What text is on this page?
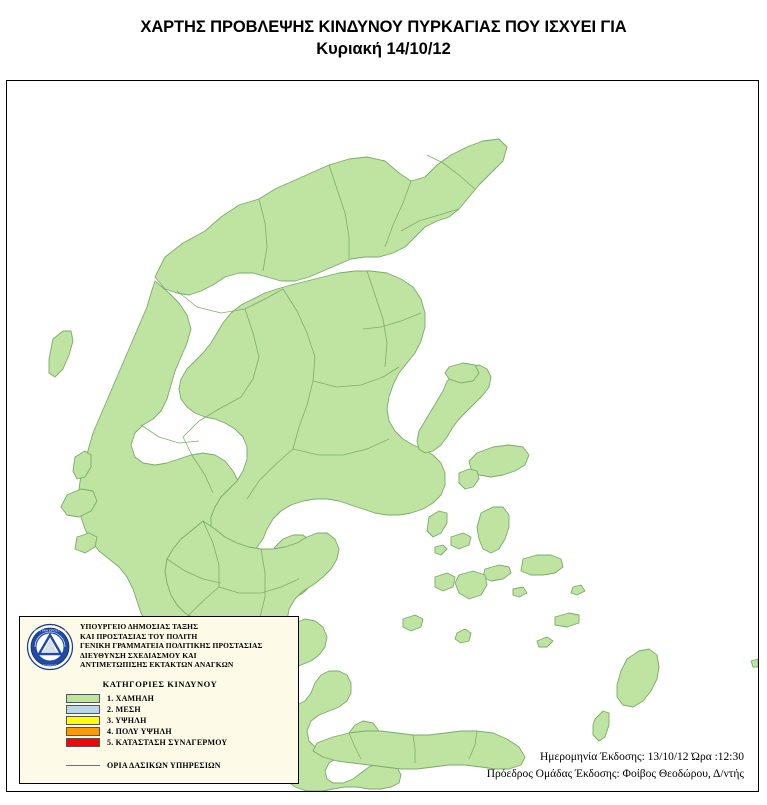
ΧΑΡΤΗΣ ΠΡΟΒΛΕΨΗΣ ΚΙΝΔΥΝΟΥ ΠΥΡΚΑΓΙΑΣ ΠΟΥ ΙΣΧΥΕΙ ΓΙΑ
Κυριακή 14/10/12
ΠΟΛΙΤΙΚΗ ΠΡΟΣΤΑΣΙΑ
ΕΛΛΑΔΑΣ
ΥΠΟΥΡΓΕΙΟ ΔΗΜΟΣΙΑΣ ΤΑΞΗΣ
ΚΑΙ ΠΡΟΣΤΑΣΙΑΣ ΤΟΥ ΠΟΛΙΤΗ
ΓΕΝΙΚΗ ΓΡΑΜΜΑΤΕΙΑ ΠΟΛΙΤΙΚΗΣ ΠΡΟΣΤΑΣΙΑΣ
ΔΙΕΥΘΥΝΣΗ ΣΧΕΔΙΑΣΜΟΥ ΚΑΙ
ΑΝΤΙΜΕΤΩΠΙΣΗΣ ΕΚΤΑΚΤΩΝ ΑΝΑΓΚΩΝ
ΚΑΤΗΓΟΡΙΕΣ ΚΙΝΔΥΝΟΥ
1. ΧΑΜΗΛΗ
2. ΜΕΣΗ
3. ΥΨΗΛΗ
4. ΠΟΛΥ ΥΨΗΛΗ
5. ΚΑΤΑΣΤΑΣΗ ΣΥΝΑΓΕΡΜΟΥ
ΟΡΙΑ ΔΑΣΙΚΩΝ ΥΠΗΡΕΣΙΩΝ
Ημερομηνία Έκδοσης: 13/10/12 Ώρα :12:30
Πρόεδρος Ομάδας Έκδοσης: Φοίβος Θεοδώρου, Δ/ντής
